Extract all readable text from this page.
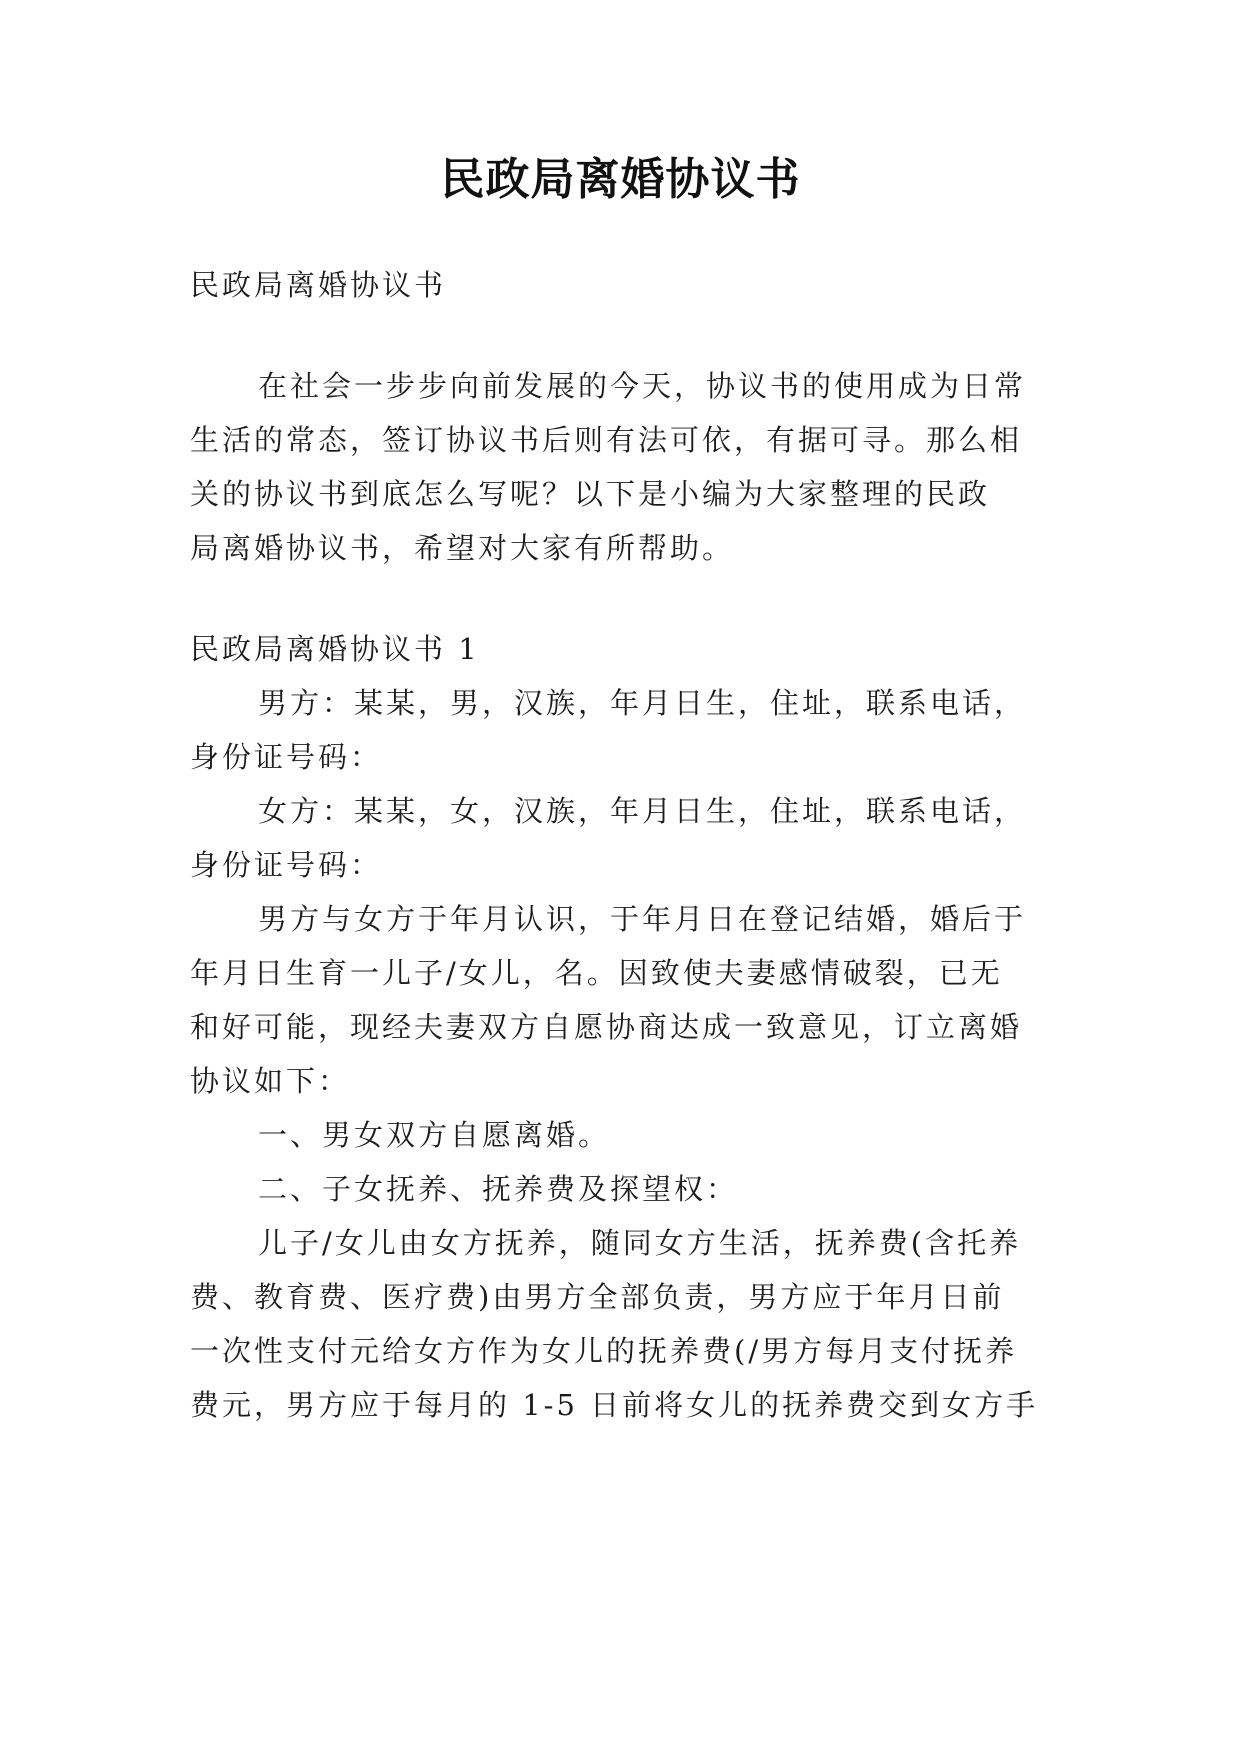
民政局离婚协议书
民政局离婚协议书
在社会一步步向前发展的今天，协议书的使用成为日常
生活的常态，签订协议书后则有法可依，有据可寻。那么相
关的协议书到底怎么写呢？以下是小编为大家整理的民政
局离婚协议书，希望对大家有所帮助。
民政局离婚协议书 1
男方：某某，男，汉族，年月日生，住址，联系电话，
身份证号码：
女方：某某，女，汉族，年月日生，住址，联系电话，
身份证号码：
男方与女方于年月认识，于年月日在登记结婚，婚后于
年月日生育一儿子/女儿，名。因致使夫妻感情破裂，已无
和好可能，现经夫妻双方自愿协商达成一致意见，订立离婚
协议如下：
一、男女双方自愿离婚。
二、子女抚养、抚养费及探望权：
儿子/女儿由女方抚养，随同女方生活，抚养费(含托养
费、教育费、医疗费)由男方全部负责，男方应于年月日前
一次性支付元给女方作为女儿的抚养费(/男方每月支付抚养
费元，男方应于每月的 1-5 日前将女儿的抚养费交到女方手
